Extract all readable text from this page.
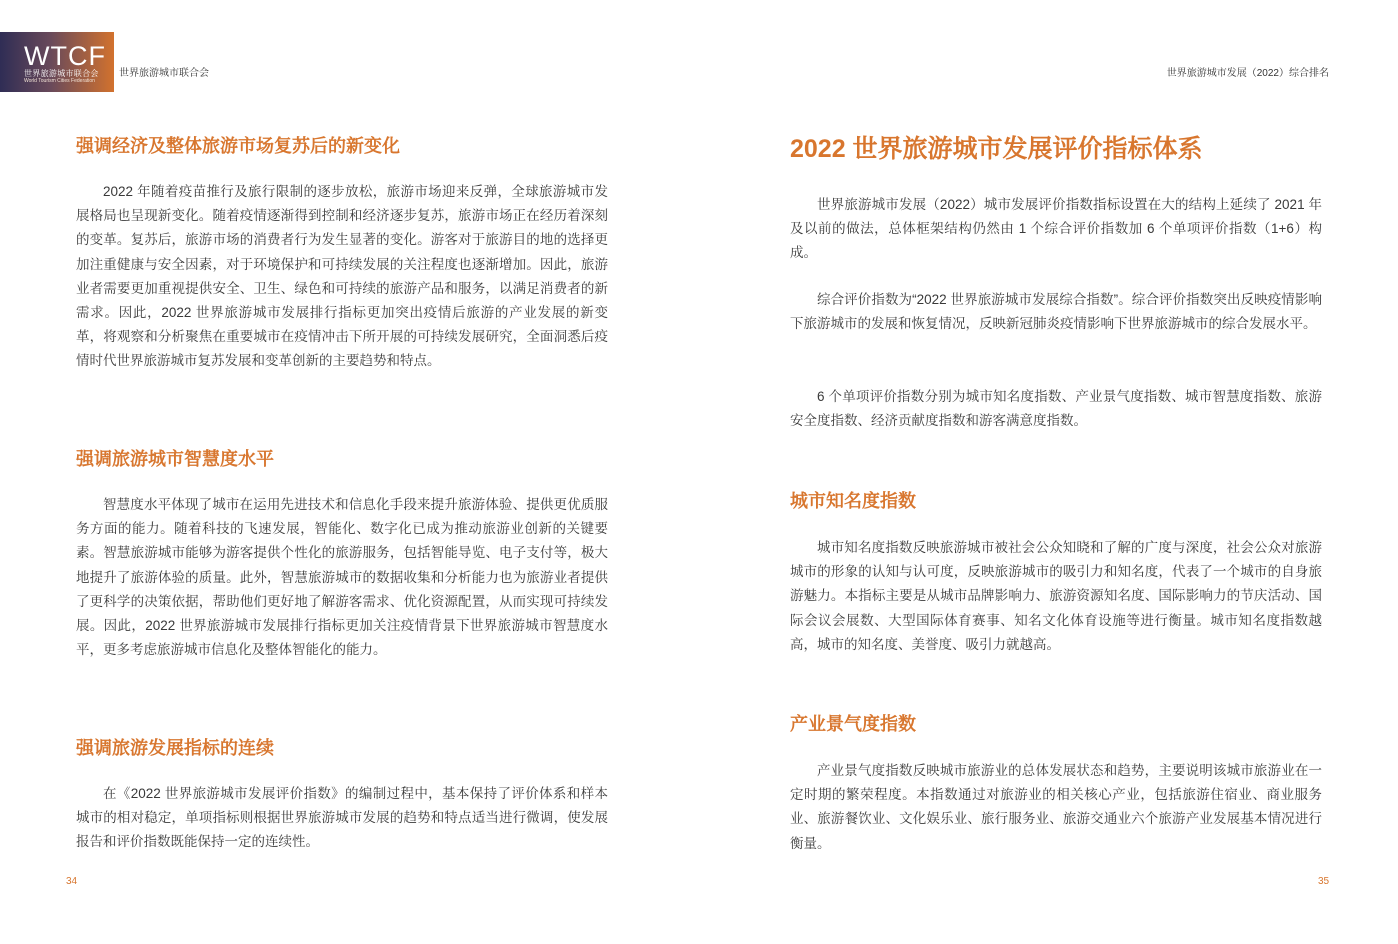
WTCF
世界旅游城市联合会
World Tourism Cities Federation
世界旅游城市联合会	世界旅游城市发展（2022）综合排名
强调经济及整体旅游市场复苏后的新变化

2022 年随着疫苗推行及旅行限制的逐步放松，旅游市场迎来反弹，全球旅游城市发展格局也呈现新变化。随着疫情逐渐得到控制和经济逐步复苏，旅游市场正在经历着深刻的变革。复苏后，旅游市场的消费者行为发生显著的变化。游客对于旅游目的地的选择更加注重健康与安全因素，对于环境保护和可持续发展的关注程度也逐渐增加。因此，旅游业者需要更加重视提供安全、卫生、绿色和可持续的旅游产品和服务，以满足消费者的新需求。因此，2022 世界旅游城市发展排行指标更加突出疫情后旅游的产业发展的新变革，将观察和分析聚焦在重要城市在疫情冲击下所开展的可持续发展研究，全面洞悉后疫情时代世界旅游城市复苏发展和变革创新的主要趋势和特点。

强调旅游城市智慧度水平

智慧度水平体现了城市在运用先进技术和信息化手段来提升旅游体验、提供更优质服务方面的能力。随着科技的飞速发展，智能化、数字化已成为推动旅游业创新的关键要素。智慧旅游城市能够为游客提供个性化的旅游服务，包括智能导览、电子支付等，极大地提升了旅游体验的质量。此外，智慧旅游城市的数据收集和分析能力也为旅游业者提供了更科学的决策依据，帮助他们更好地了解游客需求、优化资源配置，从而实现可持续发展。因此，2022 世界旅游城市发展排行指标更加关注疫情背景下世界旅游城市智慧度水平，更多考虑旅游城市信息化及整体智能化的能力。

强调旅游发展指标的连续

在《2022 世界旅游城市发展评价指数》的编制过程中，基本保持了评价体系和样本城市的相对稳定，单项指标则根据世界旅游城市发展的趋势和特点适当进行微调，使发展报告和评价指数既能保持一定的连续性。

34
2022 世界旅游城市发展评价指标体系

世界旅游城市发展（2022）城市发展评价指数指标设置在大的结构上延续了 2021 年及以前的做法，总体框架结构仍然由 1 个综合评价指数加 6 个单项评价指数（1+6）构成。

综合评价指数为“2022 世界旅游城市发展综合指数”。综合评价指数突出反映疫情影响下旅游城市的发展和恢复情况，反映新冠肺炎疫情影响下世界旅游城市的综合发展水平。

6 个单项评价指数分别为城市知名度指数、产业景气度指数、城市智慧度指数、旅游安全度指数、经济贡献度指数和游客满意度指数。

城市知名度指数

城市知名度指数反映旅游城市被社会公众知晓和了解的广度与深度，社会公众对旅游城市的形象的认知与认可度，反映旅游城市的吸引力和知名度，代表了一个城市的自身旅游魅力。本指标主要是从城市品牌影响力、旅游资源知名度、国际影响力的节庆活动、国际会议会展数、大型国际体育赛事、知名文化体育设施等进行衡量。城市知名度指数越高，城市的知名度、美誉度、吸引力就越高。

产业景气度指数

产业景气度指数反映城市旅游业的总体发展状态和趋势，主要说明该城市旅游业在一定时期的繁荣程度。本指数通过对旅游业的相关核心产业，包括旅游住宿业、商业服务业、旅游餐饮业、文化娱乐业、旅行服务业、旅游交通业六个旅游产业发展基本情况进行衡量。

35
